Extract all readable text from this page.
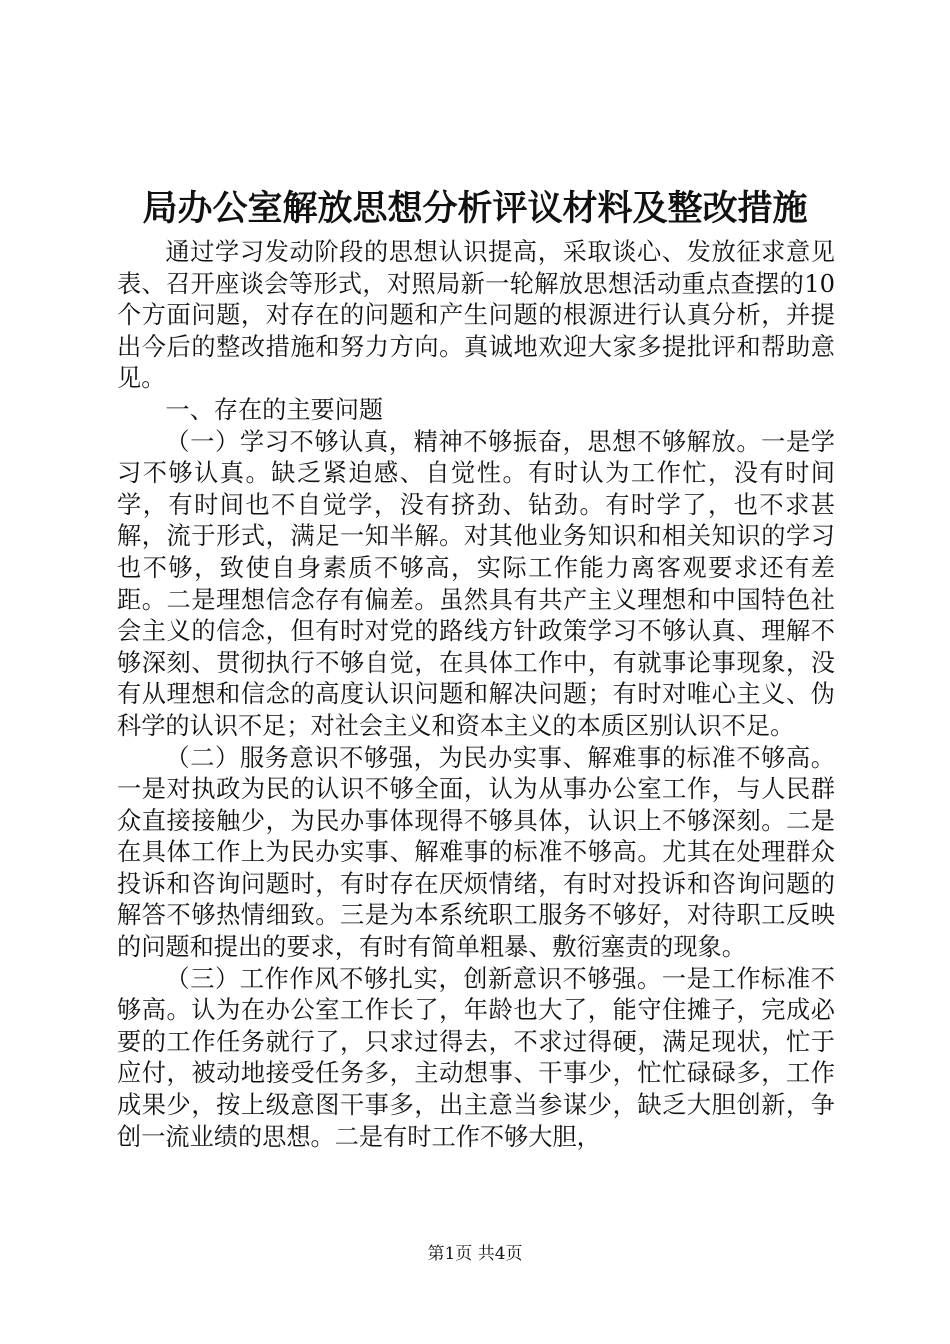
局办公室解放思想分析评议材料及整改措施

通过学习发动阶段的思想认识提高，采取谈心、发放征求意见表、召开座谈会等形式，对照局新一轮解放思想活动重点查摆的10个方面问题，对存在的问题和产生问题的根源进行认真分析，并提出今后的整改措施和努力方向。真诚地欢迎大家多提批评和帮助意见。

一、存在的主要问题

（一）学习不够认真，精神不够振奋，思想不够解放。一是学习不够认真。缺乏紧迫感、自觉性。有时认为工作忙，没有时间学，有时间也不自觉学，没有挤劲、钻劲。有时学了，也不求甚解，流于形式，满足一知半解。对其他业务知识和相关知识的学习也不够，致使自身素质不够高，实际工作能力离客观要求还有差距。二是理想信念存有偏差。虽然具有共产主义理想和中国特色社会主义的信念，但有时对党的路线方针政策学习不够认真、理解不够深刻、贯彻执行不够自觉，在具体工作中，有就事论事现象，没有从理想和信念的高度认识问题和解决问题；有时对唯心主义、伪科学的认识不足；对社会主义和资本主义的本质区别认识不足。

（二）服务意识不够强，为民办实事、解难事的标准不够高。一是对执政为民的认识不够全面，认为从事办公室工作，与人民群众直接接触少，为民办事体现得不够具体，认识上不够深刻。二是在具体工作上为民办实事、解难事的标准不够高。尤其在处理群众投诉和咨询问题时，有时存在厌烦情绪，有时对投诉和咨询问题的解答不够热情细致。三是为本系统职工服务不够好，对待职工反映的问题和提出的要求，有时有简单粗暴、敷衍塞责的现象。

（三）工作作风不够扎实，创新意识不够强。一是工作标准不够高。认为在办公室工作长了，年龄也大了，能守住摊子，完成必要的工作任务就行了，只求过得去，不求过得硬，满足现状，忙于应付，被动地接受任务多，主动想事、干事少，忙忙碌碌多，工作成果少，按上级意图干事多，出主意当参谋少，缺乏大胆创新，争创一流业绩的思想。二是有时工作不够大胆，

第1页 共4页
